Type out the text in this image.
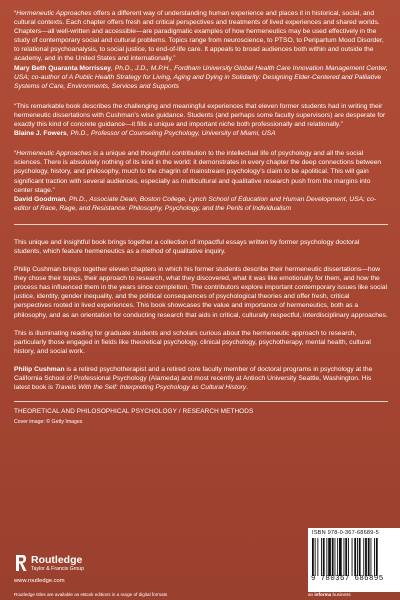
“Hermeneutic Approaches offers a different way of understanding human experience and places it in historical, social, and cultural contexts. Each chapter offers fresh and critical perspectives and treatments of lived experiences and shared worlds. Chapters—all well-written and accessible—are paradigmatic examples of how hermeneutics may be used effectively in the study of contemporary social and cultural problems. Topics range from neuroscience, to PTSO, to Peripartum Mood Disorder, to relational psychoanalysis, to social justice, to end-of-life care. It appeals to broad audiences both within and outside the academy, and in the United States and internationally.”
Mary Beth Quaranta Morrissey, Ph.D., J.D., M.P.H., Fordham University Global Health Care Innovation Management Center, USA; co-author of A Public Health Strategy for Living, Aging and Dying in Solidarity: Designing Elder-Centered and Palliative Systems of Care, Environments, Services and Supports

“This remarkable book describes the challenging and meaningful experiences that eleven former students had in writing their hermeneutic dissertations with Cushman’s wise guidance. Students (and perhaps some faculty supervisors) are desperate for exactly this kind of concrete guidance—it fills a unique and important niche both professionally and relationally.”
Blaine J. Fowers, Ph.D., Professor of Counseling Psychology, University of Miami, USA

“Hermeneutic Approaches is a unique and thoughtful contribution to the intellectual life of psychology and all the social sciences. There is absolutely nothing of its kind in the world: it demonstrates in every chapter the deep connections between psychology, history, and philosophy, much to the chagrin of mainstream psychology’s claim to be apolitical. This will gain significant traction with several audiences, especially as multicultural and qualitative research push from the margins into center stage.”
David Goodman, Ph.D., Associate Dean, Boston College, Lynch School of Education and Human Development, USA; co-editor of Race, Rage, and Resistance: Philosophy, Psychology, and the Perils of Individualism

This unique and insightful book brings together a collection of impactful essays written by former psychology doctoral students, which feature hermeneutics as a method of qualitative inquiry.

Philip Cushman brings together eleven chapters in which his former students describe their hermeneutic dissertations—how they chose their topics, their approach to research, what they discovered, what it was like emotionally for them, and how the process has influenced them in the years since completion. The contributors explore important contemporary issues like social justice, identity, gender inequality, and the political consequences of psychological theories and offer fresh, critical perspectives rooted in lived experiences. This book showcases the value and importance of hermeneutics, both as a philosophy, and as an orientation for conducting research that aids in critical, culturally respectful, interdisciplinary approaches.

This is illuminating reading for graduate students and scholars curious about the hermeneutic approach to research, particularly those engaged in fields like theoretical psychology, clinical psychology, psychotherapy, mental health, cultural history, and social work.

Philip Cushman is a retired psychotherapist and a retired core faculty member of doctoral programs in psychology at the California School of Professional Psychology (Alameda) and most recently at Antioch University Seattle, Washington. His latest book is Travels With the Self: Interpreting Psychology as Cultural History.

THEORETICAL AND PHILOSOPHICAL PSYCHOLOGY / RESEARCH METHODS
Cover image: © Getty Images
Routledge
Taylor & Francis Group
www.routledge.com
Routledge titles are available as eBook editions in a range of digital formats
ISBN 978-0-367-68689-5
9 780367 686895
an informa business
